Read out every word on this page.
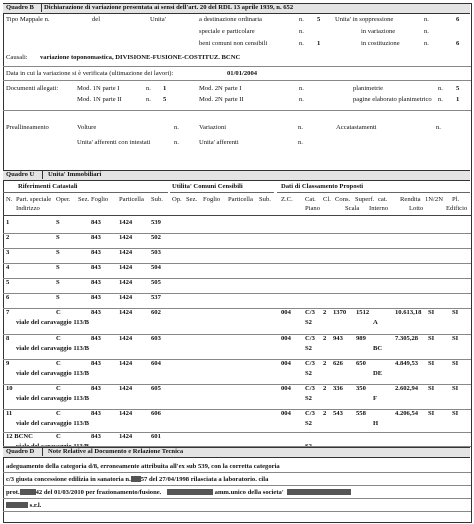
Quadro B Dichiarazione di variazione presentata ai sensi dell'art. 20 del RDL 13 aprile 1939, n. 652
Tipo Mappale n.	del	Unita'	a destinazione ordinaria	n. 5 Unita' in soppressione	n.	6
speciale e particolare	n.	in variazione	n.
beni comuni non censibili	n. 1	in costituzione	n.	6
Causali: variazione toponomastica, DIVISIONE-FUSIONE-COSTITUZ. BCNC
Data in cui la variazione si è verificata (ultimazione dei lavori):	01/01/2004
Documenti allegati:	Mod. 1N parte I	n. 1	Mod. 2N parte I	n.	planimetrie	n. 5
Mod. 1N parte II	n. 5	Mod. 2N parte II	n.	pagine elaborato planimetrico n. 1
Preallineamento	Volture	n.	Variazioni	n.	Accatastamenti	n.
Unita' afferenti con intestati	n.	Unita' afferenti	n.
Quadro U Unita' Immobiliari
Riferimenti Catastali	Utilita' Comuni Censibili	Dati di Classamento Proposti
N. Part. speciale Oper. Sez. Foglio Particella Sub. Op. Sez. Foglio Particella Sub. Z.C. Cat. Cl. Cons. Superf. cat. Rendita 1N/2N Pl.
Indirizzo	Piano	Scala Interno	Lotto	Edificio
1	S	843	1424	539
2	S	843	1424	502
3	S	843	1424	503
4	S	843	1424	504
5	S	843	1424	505
6	S	843	1424	537
7	C	843	1424	602	004 C/3 2 1370 1512	10.613,18 SI	SI
viale del caravaggio 113/B	S2	A
8	C	843	1424	603	004 C/3 2 943 989	7.305,28 SI	SI
viale del caravaggio 113/B	S2	BC
9	C	843	1424	604	004 C/3 2 626 650	4.849,53 SI	SI
viale del caravaggio 113/B	S2	DE
10	C	843	1424	605	004 C/3 2 336 350	2.602,94 SI	SI
viale del caravaggio 113/B	S2	F
11	C	843	1424	606	004 C/3 2 543 558	4.206,54 SI	SI
viale del caravaggio 113/B	S2	H
12 BCNC	C	843	1424	601
Quadro D Note Relative al Documento e Relazione Tecnica
adeguamento della categoria d/8, erroneamente attribuita all'ex sub 539, con la corretta categoria
c/3 giusta concessione edilizia in sanatoria n. 57 del 27/04/1998 rilasciata a laboratorio. cila
prot. 42 del 01/03/2010 per frazionamento/fusione.	amm.unico della societa'
s.r.l.
